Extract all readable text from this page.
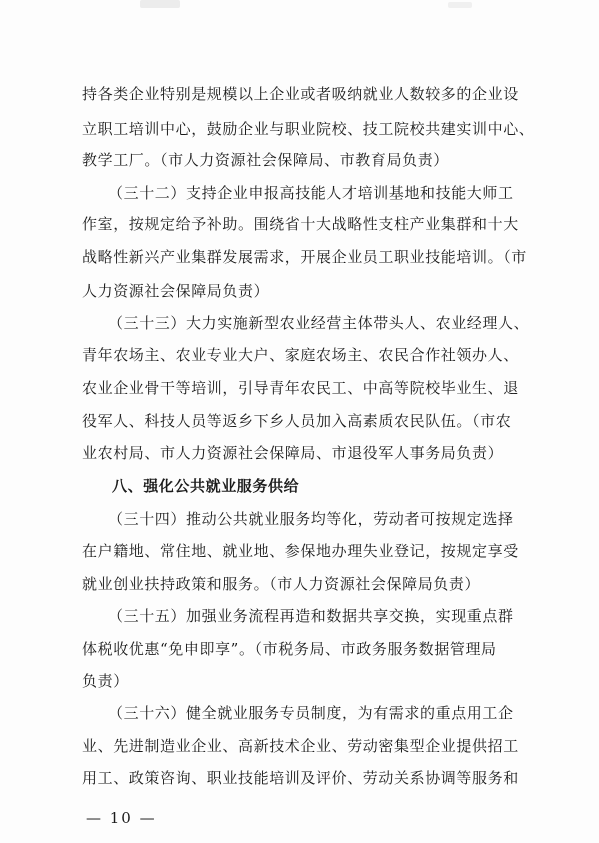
持各类企业特别是规模以上企业或者吸纳就业人数较多的企业设
立职工培训中心，鼓励企业与职业院校、技工院校共建实训中心、
教学工厂。（市人力资源社会保障局、市教育局负责）
（三十二）支持企业申报高技能人才培训基地和技能大师工
作室，按规定给予补助。围绕省十大战略性支柱产业集群和十大
战略性新兴产业集群发展需求，开展企业员工职业技能培训。（市
人力资源社会保障局负责）
（三十三）大力实施新型农业经营主体带头人、农业经理人、
青年农场主、农业专业大户、家庭农场主、农民合作社领办人、
农业企业骨干等培训，引导青年农民工、中高等院校毕业生、退
役军人、科技人员等返乡下乡人员加入高素质农民队伍。（市农
业农村局、市人力资源社会保障局、市退役军人事务局负责）
八、强化公共就业服务供给
（三十四）推动公共就业服务均等化，劳动者可按规定选择
在户籍地、常住地、就业地、参保地办理失业登记，按规定享受
就业创业扶持政策和服务。（市人力资源社会保障局负责）
（三十五）加强业务流程再造和数据共享交换，实现重点群
体税收优惠“免申即享”。（市税务局、市政务服务数据管理局
负责）
（三十六）健全就业服务专员制度，为有需求的重点用工企
业、先进制造业企业、高新技术企业、劳动密集型企业提供招工
用工、政策咨询、职业技能培训及评价、劳动关系协调等服务和
— 10 —
